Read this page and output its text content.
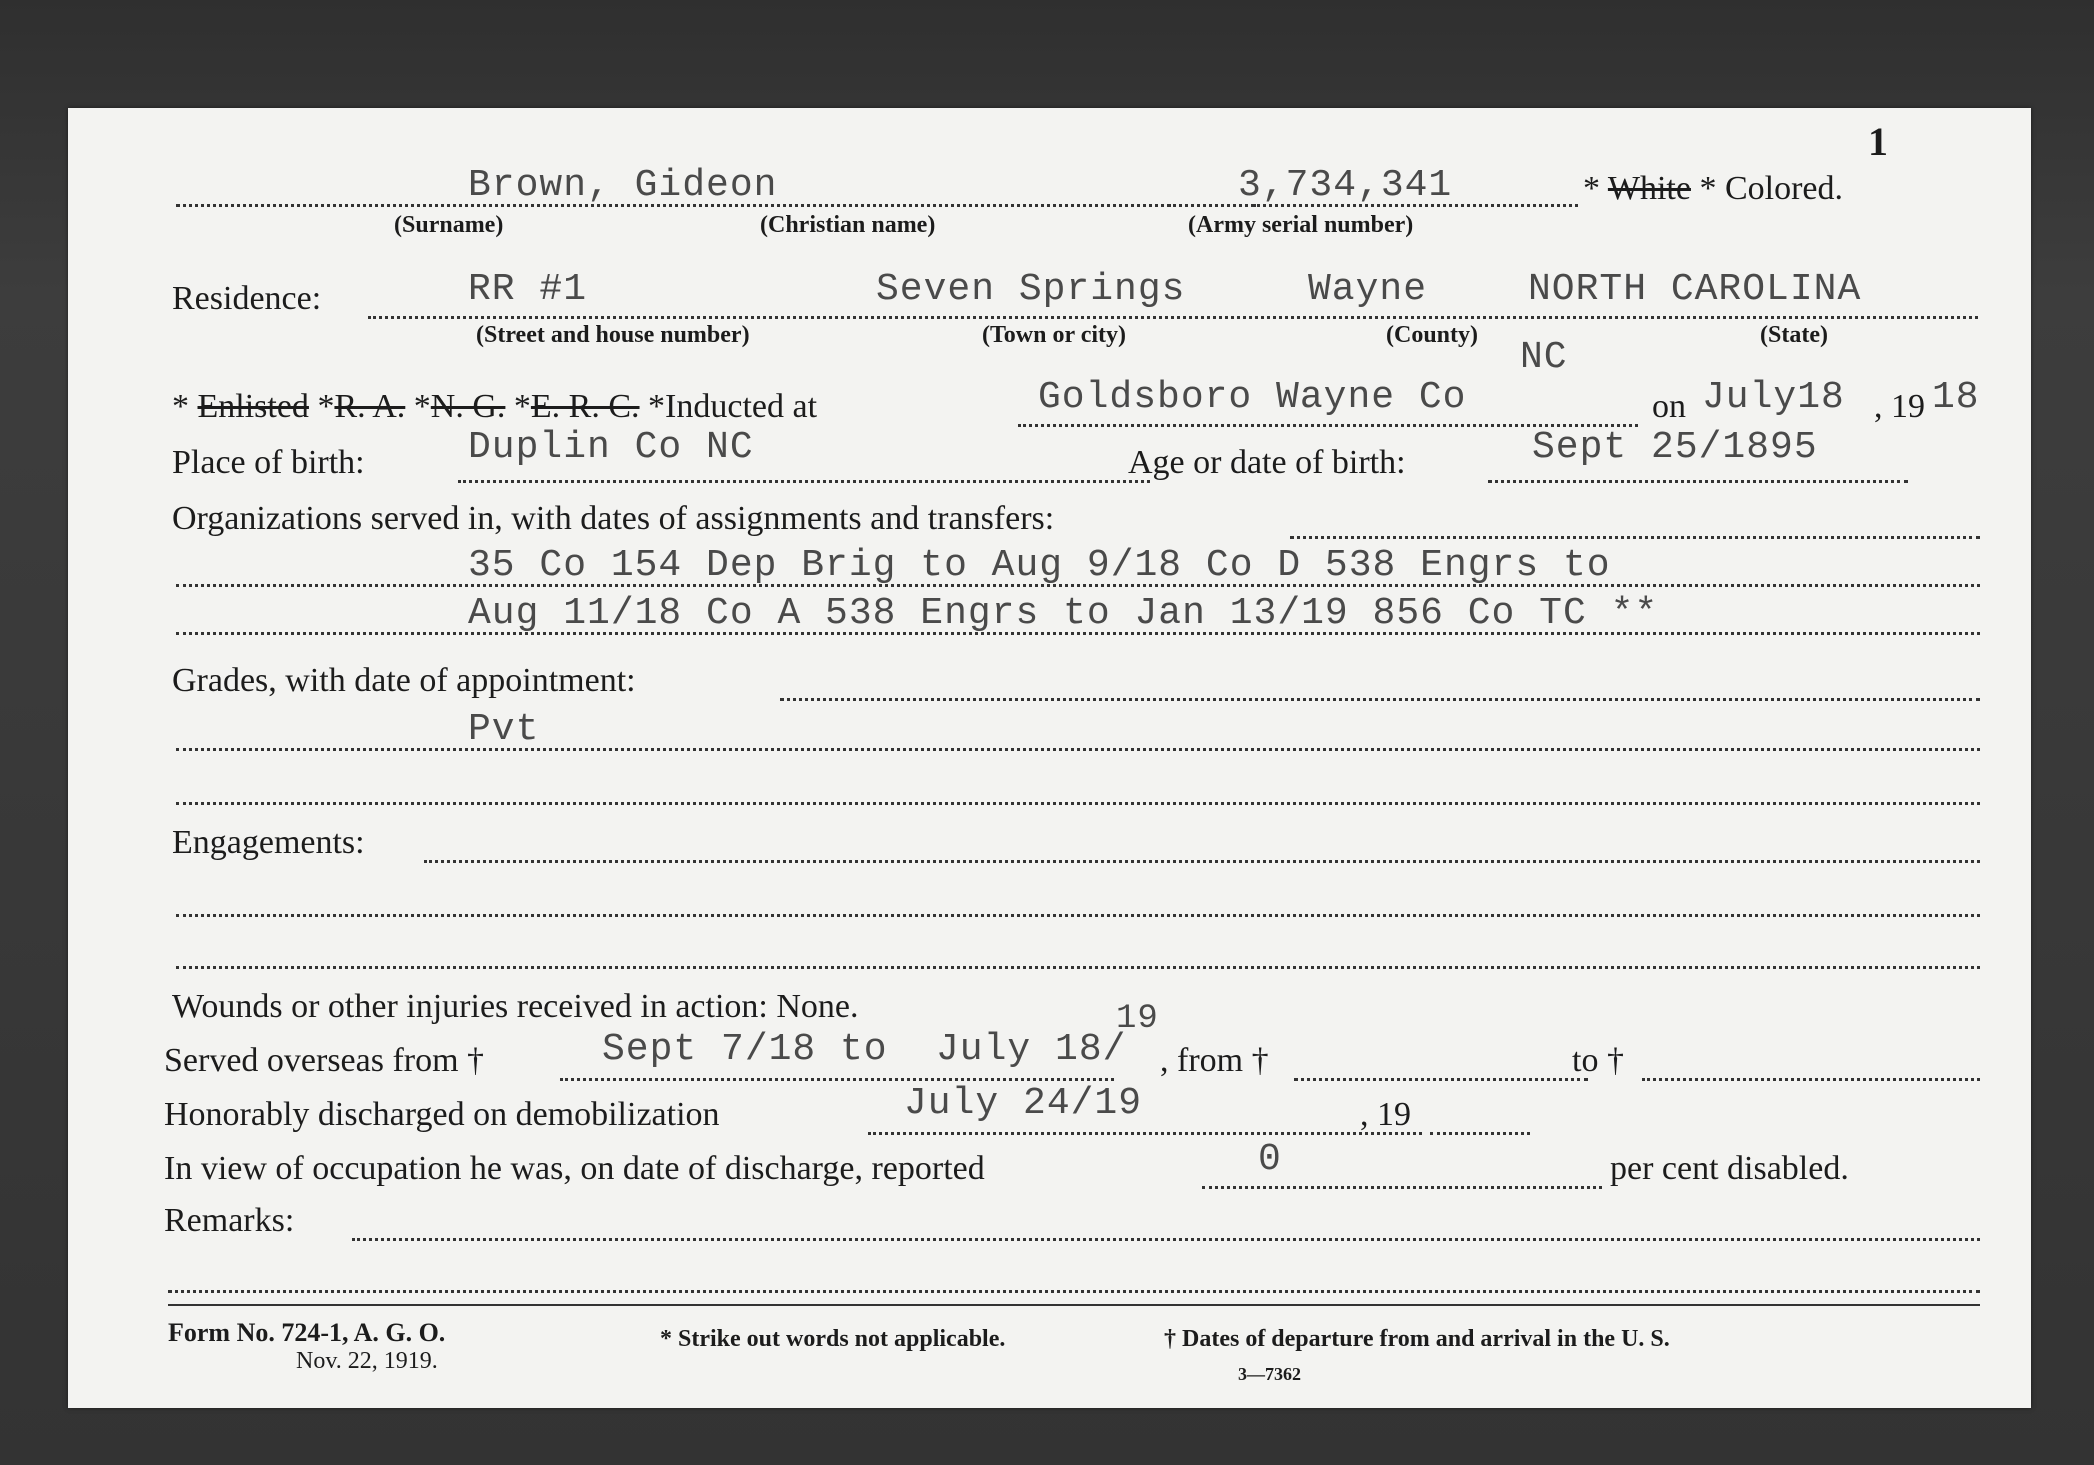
1
Brown, Gideon	3,734,341	* White * Colored.
(Surname)	(Christian name)	(Army serial number)
Residence:	RR #1	Seven Springs	Wayne	NORTH CAROLINA
(Street and house number)	(Town or city)	(County)	(State)
* Enlisted *R. A. *N. G. *E. R. C. *Inducted at	Goldsboro Wayne Co
NC
on July18 , 19 18
Place of birth:	Duplin Co NC	Age or date of birth:	Sept 25/1895
Organizations served in, with dates of assignments and transfers:
35 Co 154 Dep Brig to Aug 9/18 Co D 538 Engrs to
Aug 11/18 Co A 538 Engrs to Jan 13/19 856 Co TC **
Grades, with date of appointment:
Pvt
Engagements:
Wounds or other injuries received in action: None.
Served overseas from †	Sept 7/18 to July 18/
19
, from †	to †
Honorably discharged on demobilization	July 24/19	, 19
In view of occupation he was, on date of discharge, reported	0	per cent disabled.
Remarks:
Form No. 724-1, A. G. O.
Nov. 22, 1919.
* Strike out words not applicable.	† Dates of departure from and arrival in the U. S.
3—7362
